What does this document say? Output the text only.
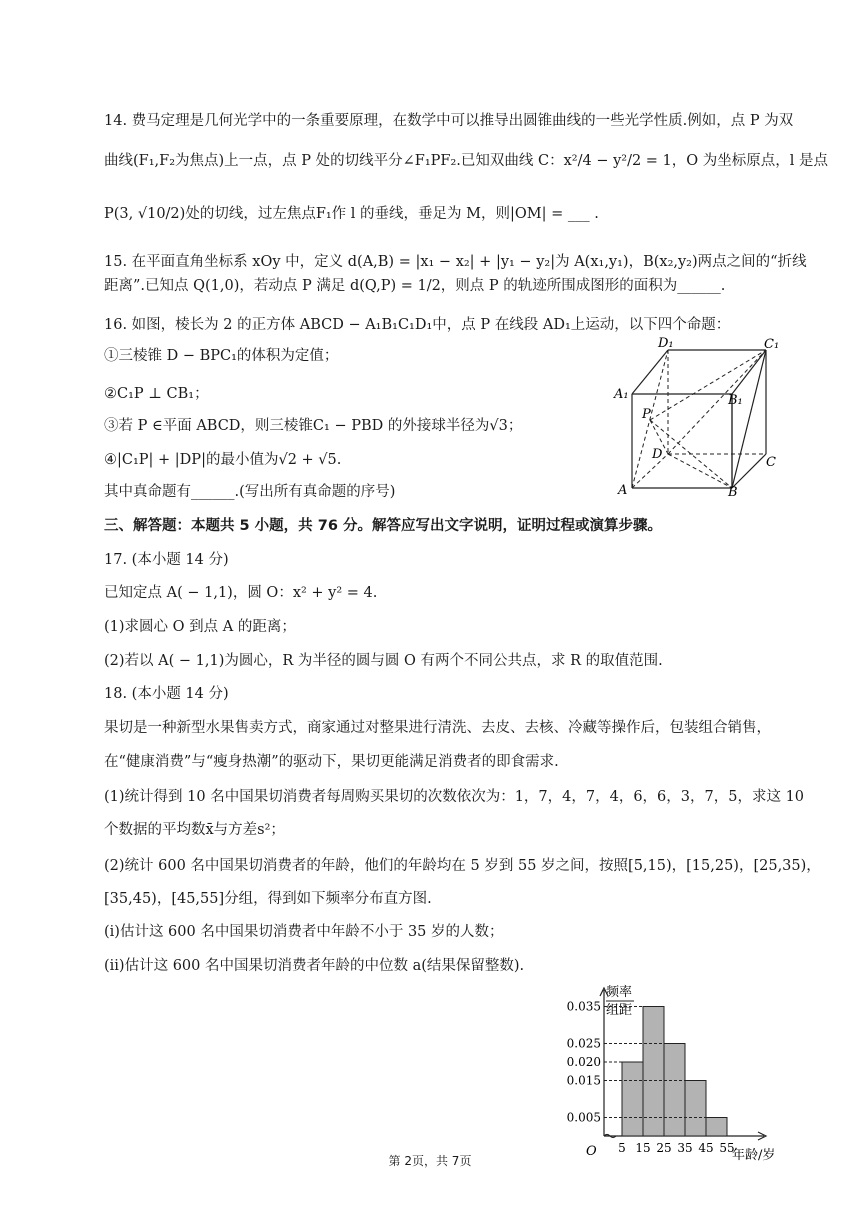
14. 费马定理是几何光学中的一条重要原理，在数学中可以推导出圆锥曲线的一些光学性质.例如，点 P 为双
曲线(F₁,F₂为焦点)上一点，点 P 处的切线平分∠F₁PF₂.已知双曲线 C：x²/4 − y²/2 = 1，O 为坐标原点，l 是点
P(3, √10/2)处的切线，过左焦点F₁作 l 的垂线，垂足为 M，则|OM| = ___ .
15. 在平面直角坐标系 xOy 中，定义 d(A,B) = |x₁ − x₂| + |y₁ − y₂|为 A(x₁,y₁)，B(x₂,y₂)两点之间的“折线
距离”.已知点 Q(1,0)，若动点 P 满足 d(Q,P) = 1/2，则点 P 的轨迹所围成图形的面积为______.
16. 如图，棱长为 2 的正方体 ABCD − A₁B₁C₁D₁中，点 P 在线段 AD₁上运动，以下四个命题：
①三棱锥 D − BPC₁的体积为定值；
②C₁P ⊥ CB₁；
③若 P ∈平面 ABCD，则三棱锥C₁ − PBD 的外接球半径为√3；
④|C₁P| + |DP|的最小值为√2 + √5.
其中真命题有______.(写出所有真命题的序号)
三、解答题：本题共 5 小题，共 76 分。解答应写出文字说明，证明过程或演算步骤。
17. (本小题 14 分)
已知定点 A( − 1,1)，圆 O：x² + y² = 4.
(1)求圆心 O 到点 A 的距离；
(2)若以 A( − 1,1)为圆心，R 为半径的圆与圆 O 有两个不同公共点，求 R 的取值范围.
18. (本小题 14 分)
果切是一种新型水果售卖方式，商家通过对整果进行清洗、去皮、去核、冷藏等操作后，包装组合销售，
在“健康消费”与“瘦身热潮”的驱动下，果切更能满足消费者的即食需求.
(1)统计得到 10 名中国果切消费者每周购买果切的次数依次为：1，7，4，7，4，6，6，3，7，5，求这 10
个数据的平均数x̄与方差s²；
(2)统计 600 名中国果切消费者的年龄，他们的年龄均在 5 岁到 55 岁之间，按照[5,15)，[15,25)，[25,35)，
[35,45)，[45,55]分组，得到如下频率分布直方图.
(ⅰ)估计这 600 名中国果切消费者中年龄不小于 35 岁的人数；
(ⅱ)估计这 600 名中国果切消费者年龄的中位数 a(结果保留整数).
D₁	C₁
A₁	B₁
P
D
C
A	B
频率
组距
O	年龄/岁
0.035
0.025
0.020
0.015
0.005
5 15 25 35 45 55
第 2页，共 7页
